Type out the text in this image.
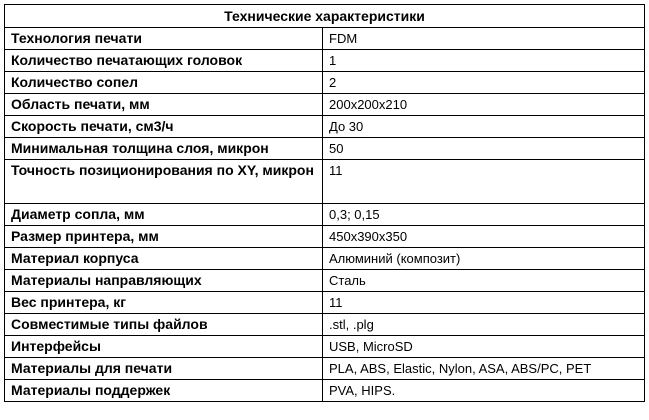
Технические характеристики	
Технология печати	FDM
Количество печатающих головок	1
Количество сопел	2
Область печати, мм	200x200x210
Скорость печати, см3/ч	До 30
Минимальная толщина слоя, микрон	50
Точность позиционирования по XY, микрон	11
Диаметр сопла, мм	0,3; 0,15
Размер принтера, мм	450x390x350
Материал корпуса	Алюминий (композит)
Материалы направляющих	Сталь
Вес принтера, кг	11
Совместимые типы файлов	.stl, .plg
Интерфейсы	USB, MicroSD
Материалы для печати	PLA, ABS, Elastic, Nylon, ASA, ABS/PC, PET
Материалы поддержек	PVA, HIPS.
